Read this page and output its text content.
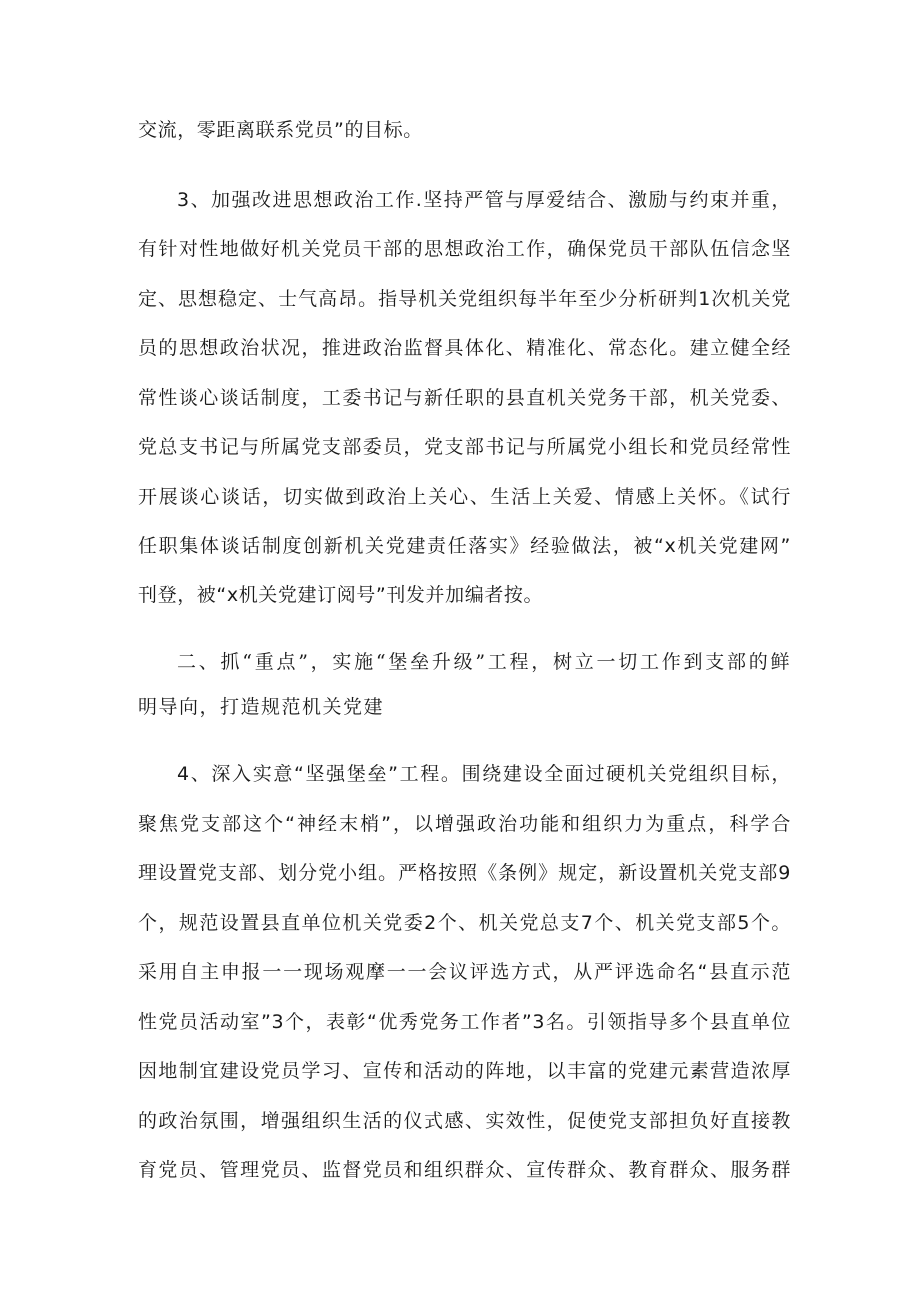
交流，零距离联系党员”的目标。
3、加强改进思想政治工作.坚持严管与厚爱结合、激励与约束并重，
有针对性地做好机关党员干部的思想政治工作，确保党员干部队伍信念坚
定、思想稳定、士气高昂。指导机关党组织每半年至少分析研判1次机关党
员的思想政治状况，推进政治监督具体化、精准化、常态化。建立健全经
常性谈心谈话制度，工委书记与新任职的县直机关党务干部，机关党委、
党总支书记与所属党支部委员，党支部书记与所属党小组长和党员经常性
开展谈心谈话，切实做到政治上关心、生活上关爱、情感上关怀。《试行
任职集体谈话制度创新机关党建责任落实》经验做法，被“x机关党建网”
刊登，被“x机关党建订阅号”刊发并加编者按。
二、抓“重点”，实施“堡垒升级”工程，树立一切工作到支部的鲜
明导向，打造规范机关党建
4、深入实意“坚强堡垒”工程。围绕建设全面过硬机关党组织目标，
聚焦党支部这个“神经末梢”，以增强政治功能和组织力为重点，科学合
理设置党支部、划分党小组。严格按照《条例》规定，新设置机关党支部9
个，规范设置县直单位机关党委2个、机关党总支7个、机关党支部5个。
采用自主申报一一现场观摩一一会议评选方式，从严评选命名“县直示范
性党员活动室”3个，表彰“优秀党务工作者”3名。引领指导多个县直单位
因地制宜建设党员学习、宣传和活动的阵地，以丰富的党建元素营造浓厚
的政治氛围，增强组织生活的仪式感、实效性，促使党支部担负好直接教
育党员、管理党员、监督党员和组织群众、宣传群众、教育群众、服务群
